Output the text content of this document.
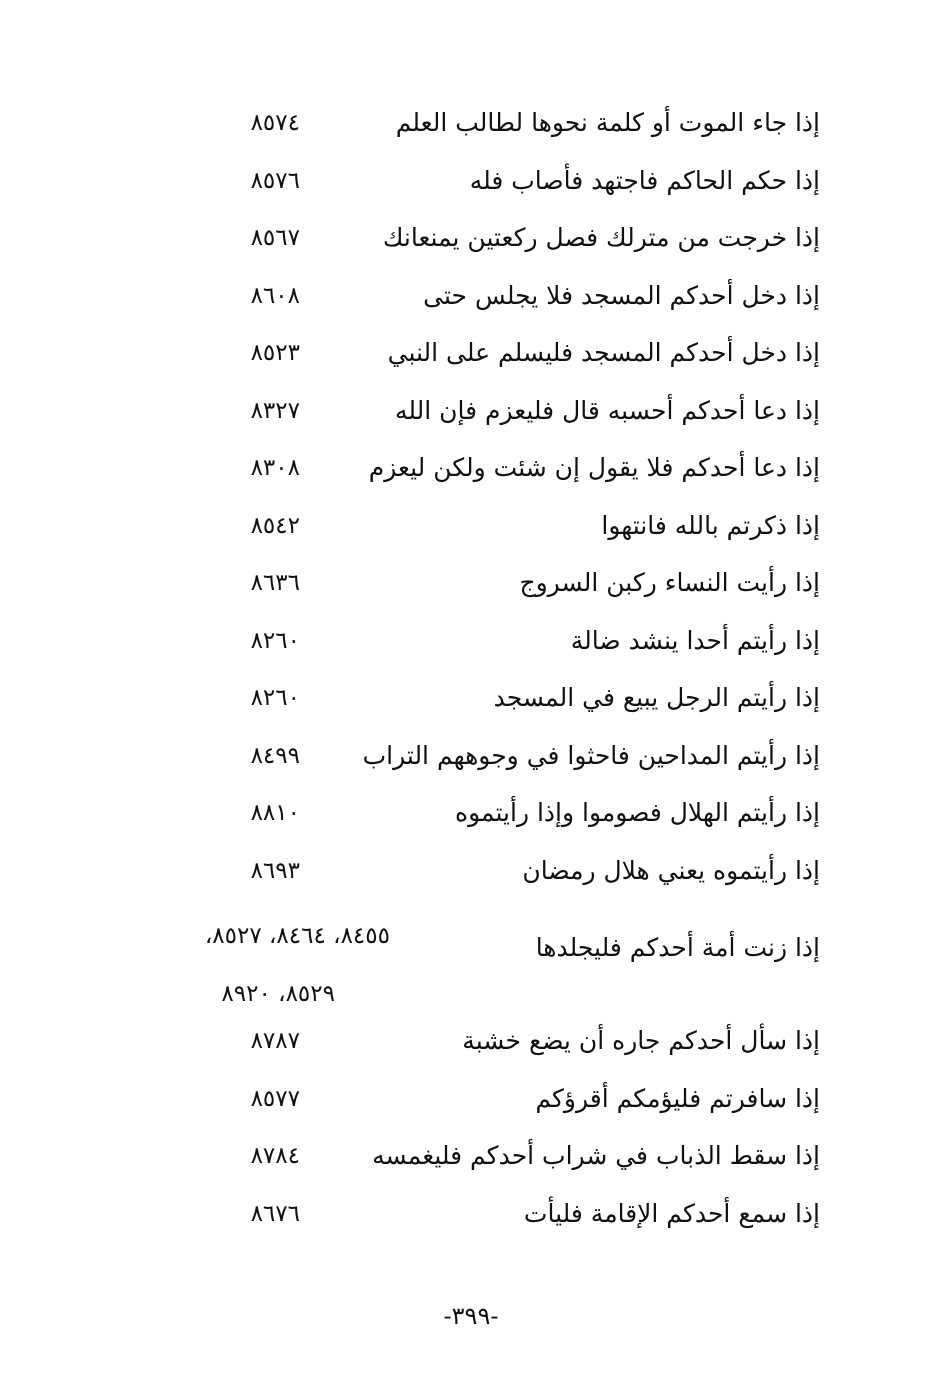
إذا جاء الموت أو كلمة نحوها لطالب العلم
٨٥٧٤
إذا حكم الحاكم فاجتهد فأصاب فله
٨٥٧٦
إذا خرجت من مترلك فصل ركعتين يمنعانك
٨٥٦٧
إذا دخل أحدكم المسجد فلا يجلس حتى
٨٦٠٨
إذا دخل أحدكم المسجد فليسلم على النبي
٨٥٢٣
إذا دعا أحدكم أحسبه قال فليعزم فإن الله
٨٣٢٧
إذا دعا أحدكم فلا يقول إن شئت ولكن ليعزم
٨٣٠٨
إذا ذكرتم بالله فانتهوا
٨٥٤٢
إذا رأيت النساء ركبن السروج
٨٦٣٦
إذا رأيتم أحدا ينشد ضالة
٨٢٦٠
إذا رأيتم الرجل يبيع في المسجد
٨٢٦٠
إذا رأيتم المداحين فاحثوا في وجوههم التراب
٨٤٩٩
إذا رأيتم الهلال فصوموا وإذا رأيتموه
٨٨١٠
إذا رأيتموه يعني هلال رمضان
٨٦٩٣
إذا زنت أمة أحدكم فليجلدها
٨٤٥٥، ٨٤٦٤، ٨٥٢٧،
٨٥٢٩، ٨٩٢٠
إذا سأل أحدكم جاره أن يضع خشبة
٨٧٨٧
إذا سافرتم فليؤمكم أقرؤكم
٨٥٧٧
إذا سقط الذباب في شراب أحدكم فليغمسه
٨٧٨٤
إذا سمع أحدكم الإقامة فليأت
٨٦٧٦
-٣٩٩-
